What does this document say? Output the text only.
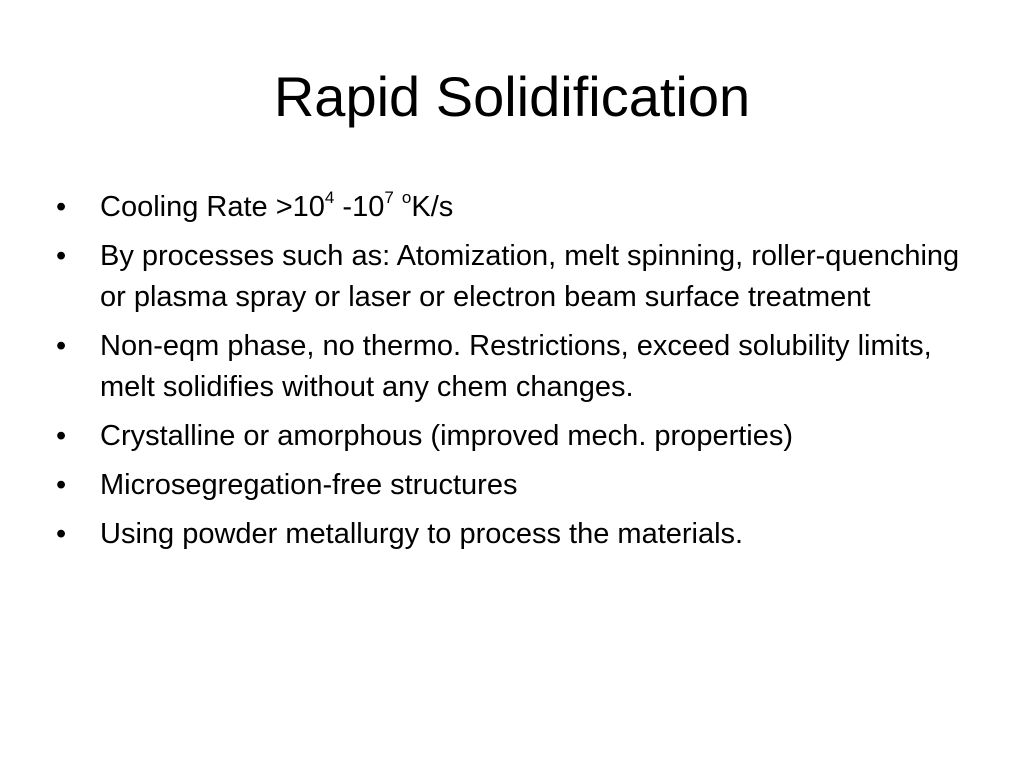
Rapid Solidification
•	Cooling Rate $>10^4$ $-10^7$ $^o$K/s
•	By processes such as: Atomization, melt spinning, roller-quenching or plasma spray or laser or electron beam surface treatment
•	Non-eqm phase, no thermo. Restrictions, exceed solubility limits, melt solidifies without any chem changes.
•	Crystalline or amorphous (improved mech. properties)
•	Microsegregation-free structures
•	Using powder metallurgy to process the materials.
